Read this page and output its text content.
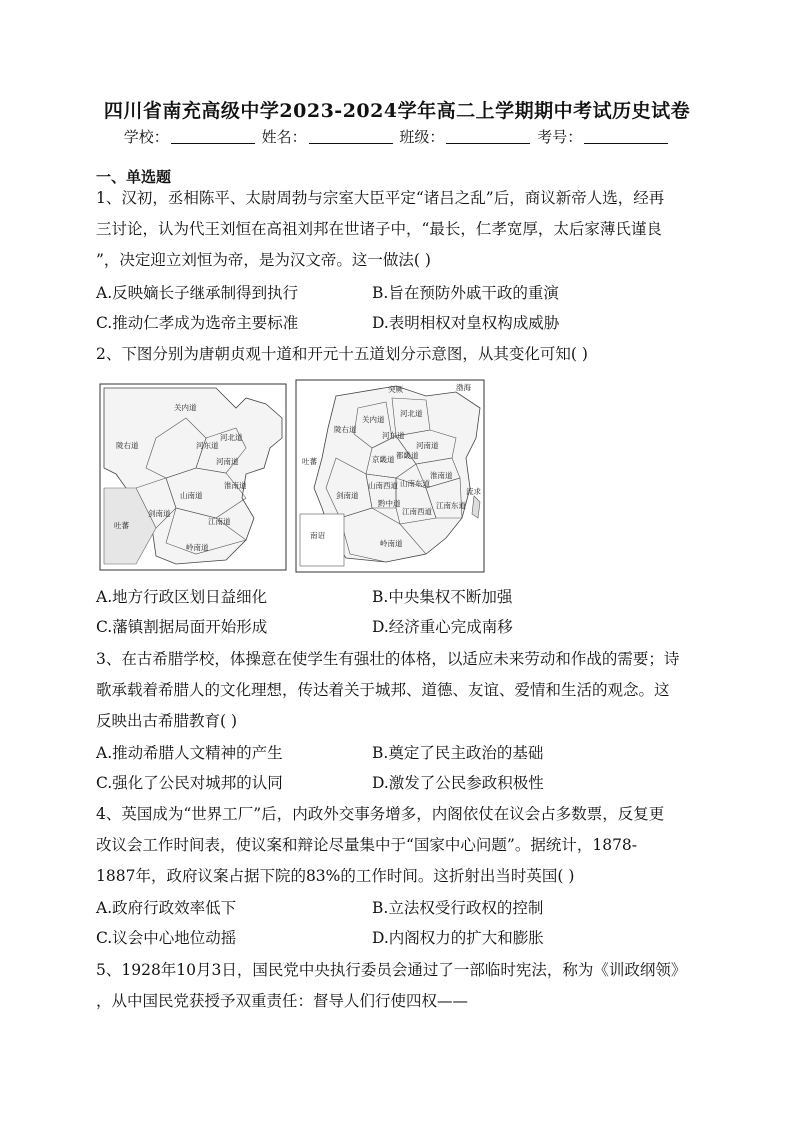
四川省南充高级中学2023-2024学年高二上学期期中考试历史试卷
学校：	姓名：	班级：	考号：
一、单选题

1、汉初，丞相陈平、太尉周勃与宗室大臣平定“诸吕之乱”后，商议新帝人选，经再

三讨论，认为代王刘恒在高祖刘邦在世诸子中，“最长，仁孝宽厚，太后家薄氏谨良

”，决定迎立刘恒为帝，是为汉文帝。这一做法( )

A.反映嫡长子继承制得到执行	B.旨在预防外戚干政的重演
C.推动仁孝成为选帝主要标准	D.表明相权对皇权构成威胁

2、下图分别为唐朝贞观十道和开元十五道划分示意图，从其变化可知( )

关内道
河北道
河南道
陇右道
山南道
剑南道
江南道
岭南道
吐蕃
河东道
淮南道
突厥	渤海
关内道
河北道
河东道
河南道
京畿道 都畿道
陇右道
吐蕃
山南西道 山南东道
淮南道
剑南道
黔中道
江南西道
江南东道
南诏
岭南道
流求
A.地方行政区划日益细化	B.中央集权不断加强
C.藩镇割据局面开始形成	D.经济重心完成南移

3、在古希腊学校，体操意在使学生有强壮的体格，以适应未来劳动和作战的需要；诗

歌承载着希腊人的文化理想，传达着关于城邦、道德、友谊、爱情和生活的观念。这

反映出古希腊教育( )

A.推动希腊人文精神的产生	B.奠定了民主政治的基础
C.强化了公民对城邦的认同	D.激发了公民参政积极性

4、英国成为“世界工厂”后，内政外交事务增多，内阁依仗在议会占多数票，反复更

改议会工作时间表，使议案和辩论尽量集中于“国家中心问题”。据统计，1878-

1887年，政府议案占据下院的83%的工作时间。这折射出当时英国( )

A.政府行政效率低下	B.立法权受行政权的控制
C.议会中心地位动摇	D.内阁权力的扩大和膨胀

5、1928年10月3日，国民党中央执行委员会通过了一部临时宪法，称为《训政纲领》

，从中国民党获授予双重责任：督导人们行使四权——
